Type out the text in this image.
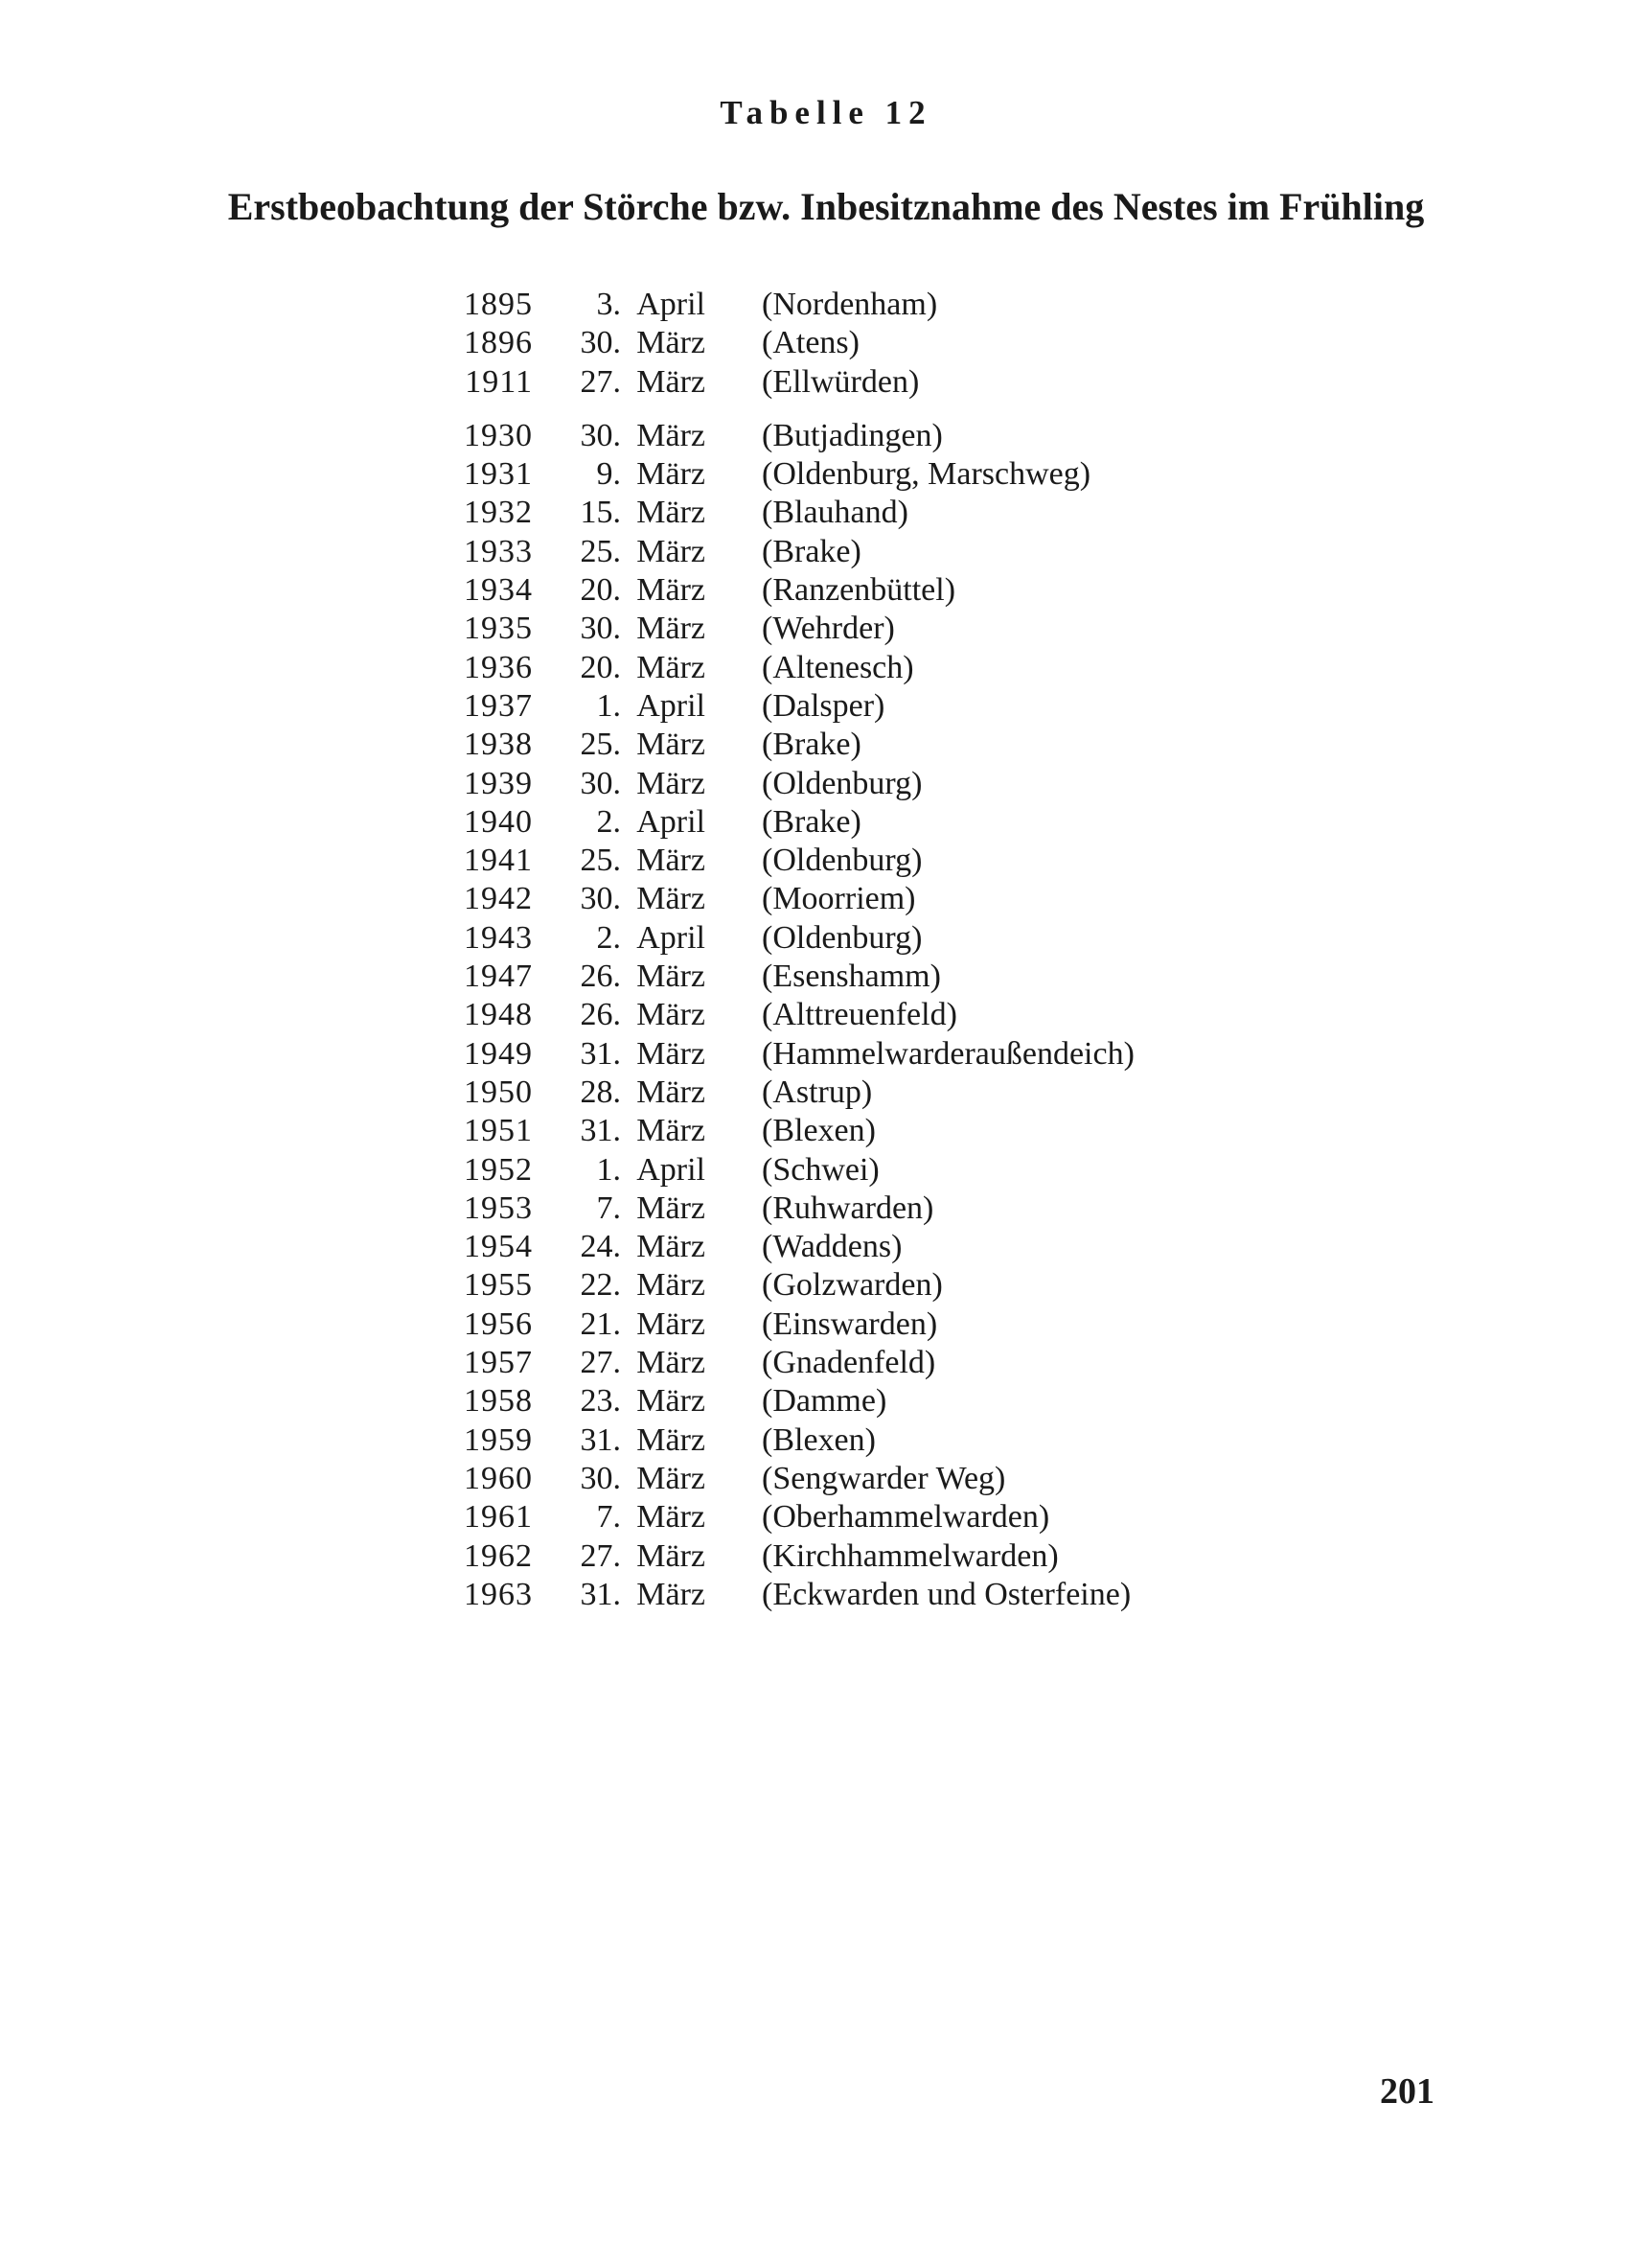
Tabelle 12
Erstbeobachtung der Störche bzw. Inbesitznahme des Nestes im Frühling
1895	3. April	(Nordenham)
1896	30. März	(Atens)
1911	27. März	(Ellwürden)
1930	30. März	(Butjadingen)
1931	9. März	(Oldenburg, Marschweg)
1932	15. März	(Blauhand)
1933	25. März	(Brake)
1934	20. März	(Ranzenbüttel)
1935	30. März	(Wehrder)
1936	20. März	(Altenesch)
1937	1. April	(Dalsper)
1938	25. März	(Brake)
1939	30. März	(Oldenburg)
1940	2. April	(Brake)
1941	25. März	(Oldenburg)
1942	30. März	(Moorriem)
1943	2. April	(Oldenburg)
1947	26. März	(Esenshamm)
1948	26. März	(Alttreuenfeld)
1949	31. März	(Hammelwarderaußendeich)
1950	28. März	(Astrup)
1951	31. März	(Blexen)
1952	1. April	(Schwei)
1953	7. März	(Ruhwarden)
1954	24. März	(Waddens)
1955	22. März	(Golzwarden)
1956	21. März	(Einswarden)
1957	27. März	(Gnadenfeld)
1958	23. März	(Damme)
1959	31. März	(Blexen)
1960	30. März	(Sengwarder Weg)
1961	7. März	(Oberhammelwarden)
1962	27. März	(Kirchhammelwarden)
1963	31. März	(Eckwarden und Osterfeine)
201
